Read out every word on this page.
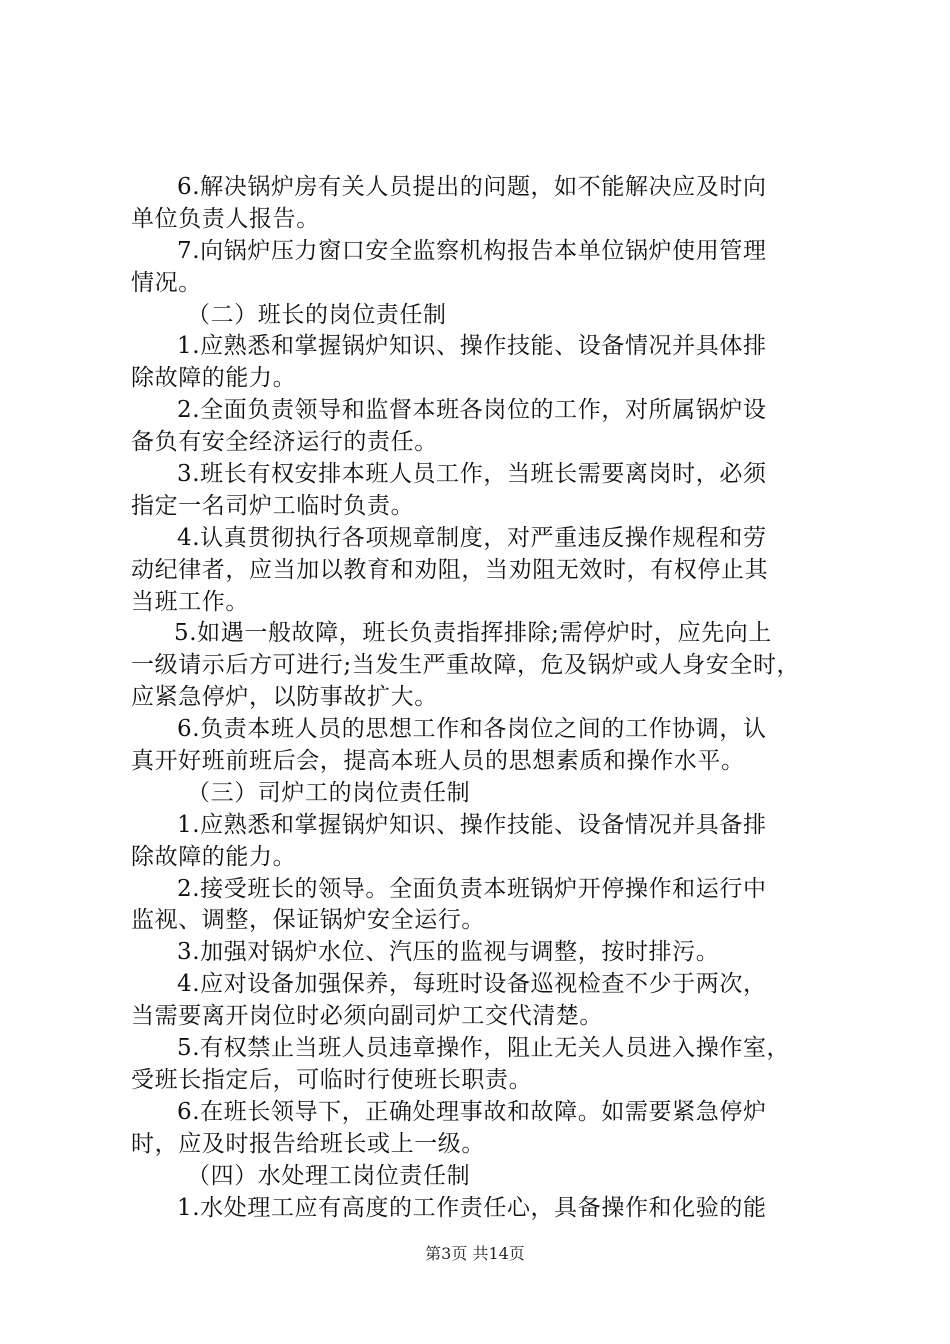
6.解决锅炉房有关人员提出的问题，如不能解决应及时向
单位负责人报告。
7.向锅炉压力窗口安全监察机构报告本单位锅炉使用管理
情况。
（二）班长的岗位责任制
1.应熟悉和掌握锅炉知识、操作技能、设备情况并具体排
除故障的能力。
2.全面负责领导和监督本班各岗位的工作，对所属锅炉设
备负有安全经济运行的责任。
3.班长有权安排本班人员工作，当班长需要离岗时，必须
指定一名司炉工临时负责。
4.认真贯彻执行各项规章制度，对严重违反操作规程和劳
动纪律者，应当加以教育和劝阻，当劝阻无效时，有权停止其
当班工作。
5.如遇一般故障，班长负责指挥排除;需停炉时，应先向上
一级请示后方可进行;当发生严重故障，危及锅炉或人身安全时，
应紧急停炉，以防事故扩大。
6.负责本班人员的思想工作和各岗位之间的工作协调，认
真开好班前班后会，提高本班人员的思想素质和操作水平。
（三）司炉工的岗位责任制
1.应熟悉和掌握锅炉知识、操作技能、设备情况并具备排
除故障的能力。
2.接受班长的领导。全面负责本班锅炉开停操作和运行中
监视、调整，保证锅炉安全运行。
3.加强对锅炉水位、汽压的监视与调整，按时排污。
4.应对设备加强保养，每班时设备巡视检查不少于两次，
当需要离开岗位时必须向副司炉工交代清楚。
5.有权禁止当班人员违章操作，阻止无关人员进入操作室，
受班长指定后，可临时行使班长职责。
6.在班长领导下，正确处理事故和故障。如需要紧急停炉
时，应及时报告给班长或上一级。
（四）水处理工岗位责任制
1.水处理工应有高度的工作责任心，具备操作和化验的能
第3页 共14页
